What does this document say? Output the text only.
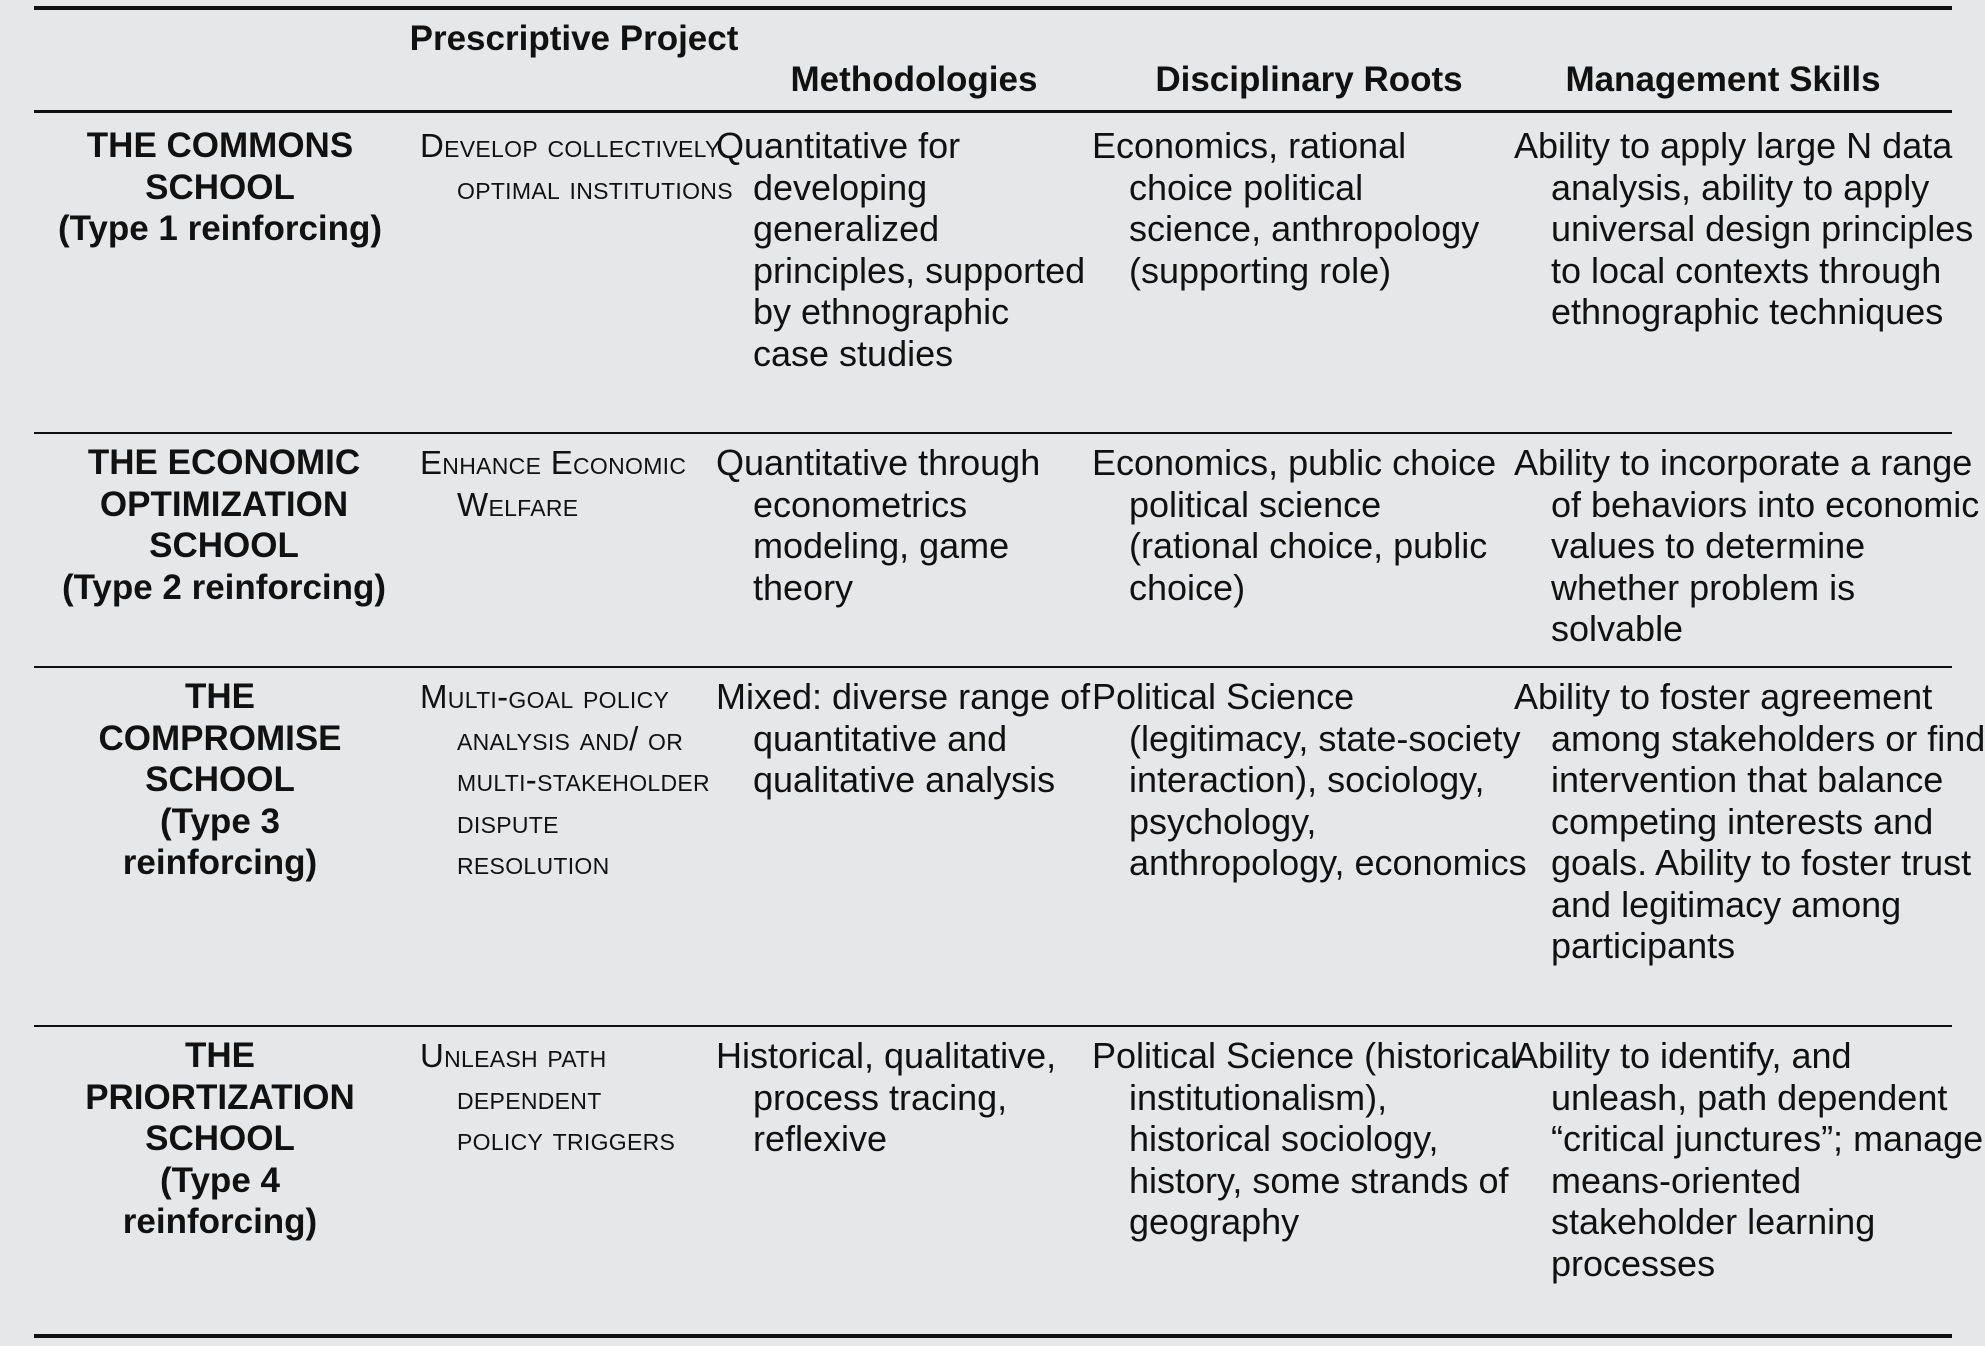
Prescriptive Project
Methodologies	Disciplinary Roots	Management Skills
THE COMMONS SCHOOL
(Type 1 reinforcing)
Develop collectively optimal institutions
Quantitative for developing generalized principles, supported by ethnographic case studies
Economics, rational choice political science, anthropology (supporting role)
Ability to apply large N data analysis, ability to apply universal design principles to local contexts through ethnographic techniques
THE ECONOMIC OPTIMIZATION SCHOOL
(Type 2 reinforcing)
Enhance Economic Welfare
Quantitative through econometrics modeling, game theory
Economics, public choice political science (rational choice, public choice)
Ability to incorporate a range of behaviors into economic values to determine whether problem is solvable
THE COMPROMISE SCHOOL
(Type 3 reinforcing)
Multi-goal policy analysis and/ or multi-stakeholder dispute resolution
Mixed: diverse range of quantitative and qualitative analysis
Political Science (legitimacy, state-society interaction), sociology, psychology, anthropology, economics
Ability to foster agreement among stakeholders or find intervention that balance competing interests and goals. Ability to foster trust and legitimacy among participants
THE PRIORTIZATION SCHOOL
(Type 4 reinforcing)
Unleash path dependent policy triggers
Historical, qualitative, process tracing, reflexive
Political Science (historical institutionalism), historical sociology, history, some strands of geography
Ability to identify, and unleash, path dependent “critical junctures”; manage means-oriented stakeholder learning processes
